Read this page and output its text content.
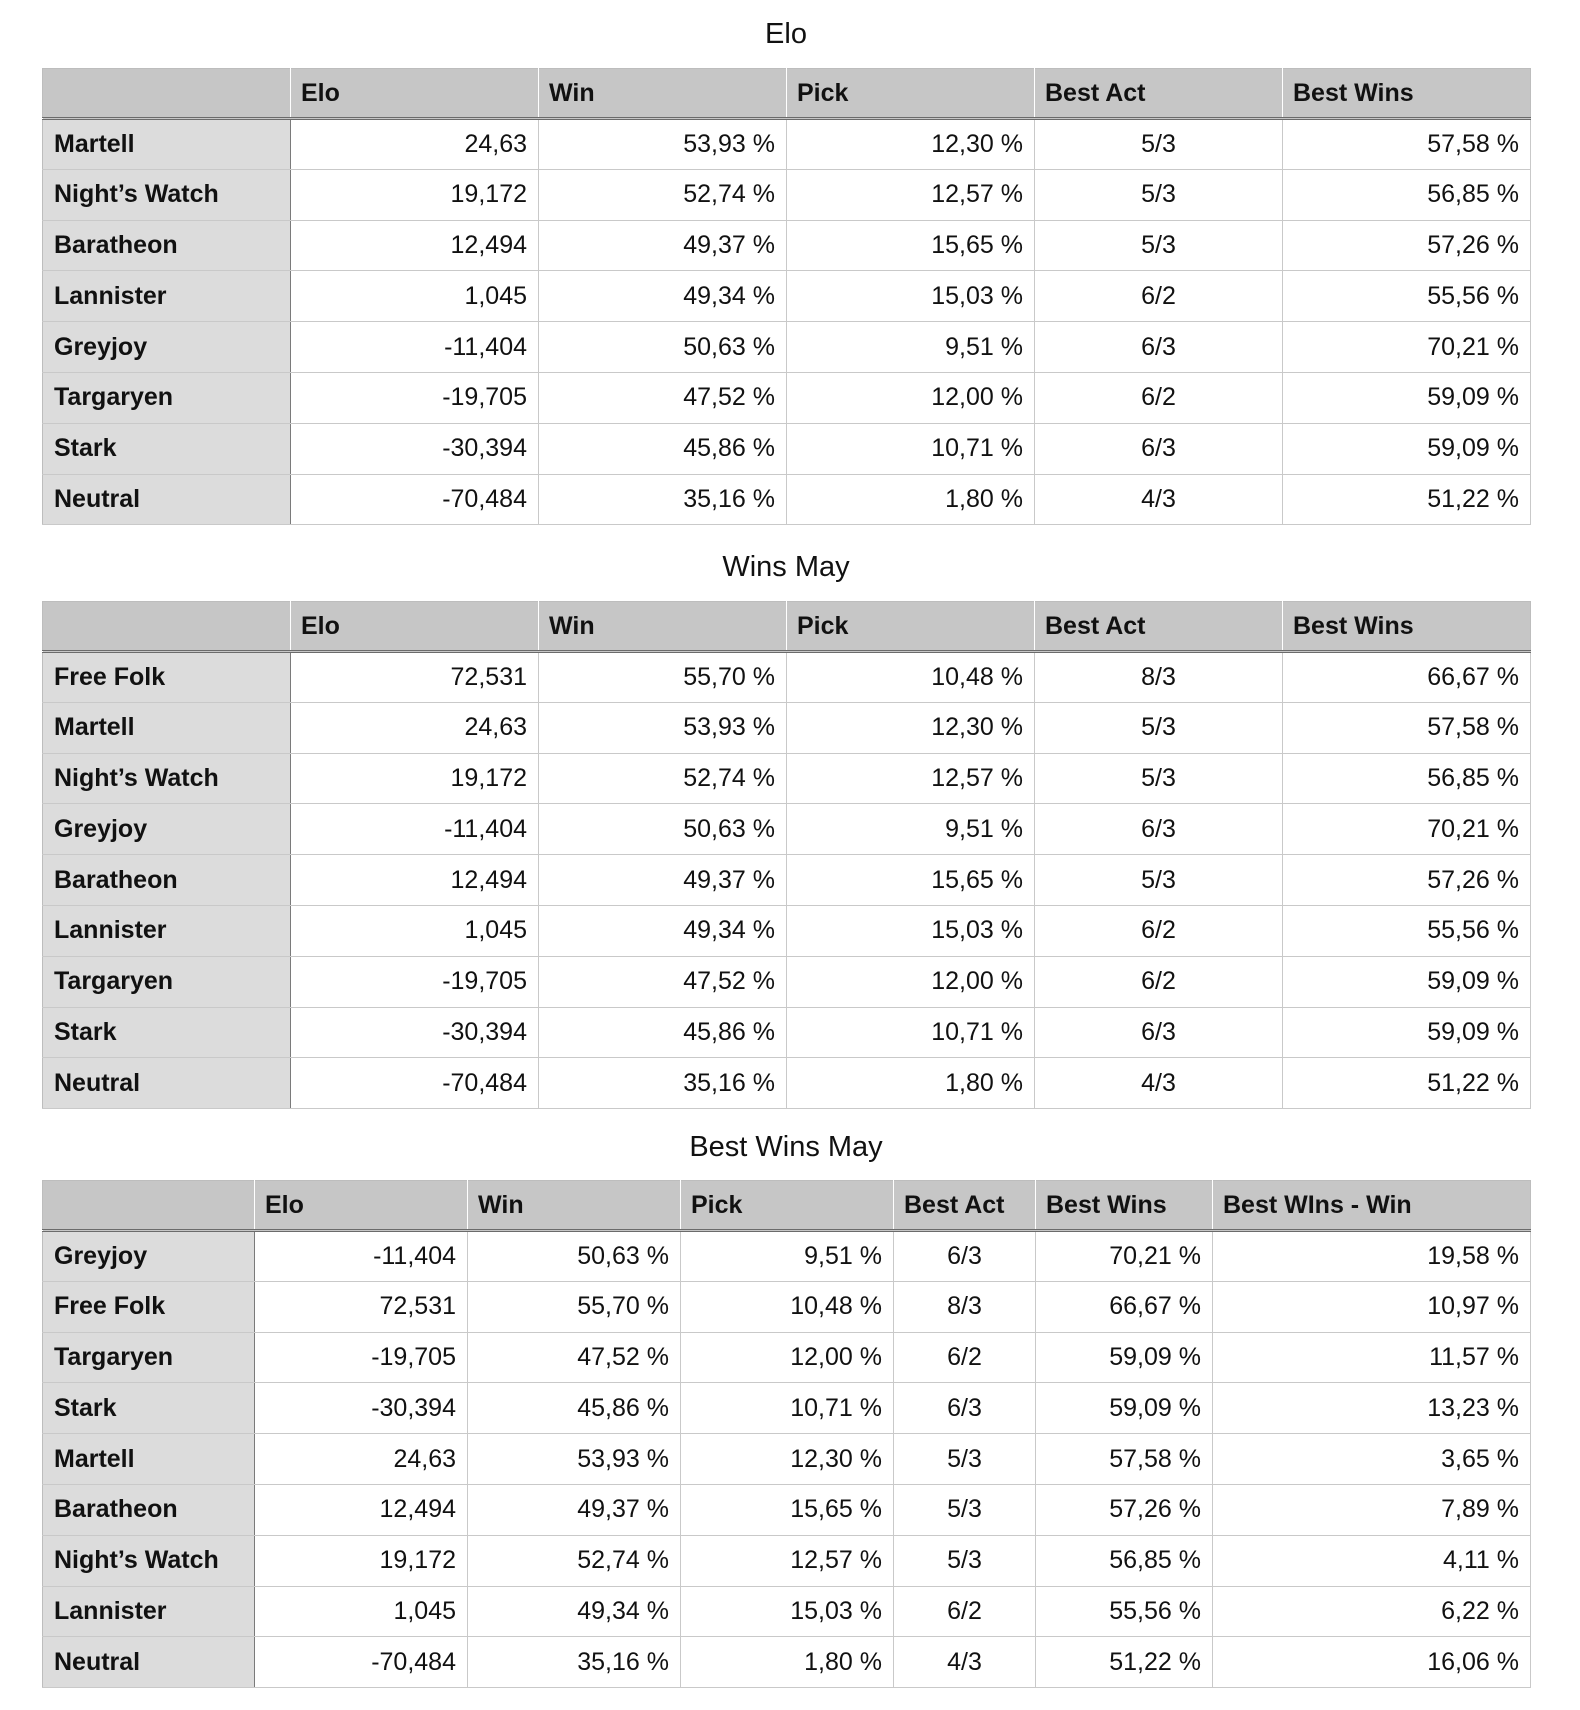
Elo
	Elo	Win	Pick	Best Act	Best Wins
Martell	24,63	53,93 %	12,30 %	5/3	57,58 %
Night’s Watch	19,172	52,74 %	12,57 %	5/3	56,85 %
Baratheon	12,494	49,37 %	15,65 %	5/3	57,26 %
Lannister	1,045	49,34 %	15,03 %	6/2	55,56 %
Greyjoy	-11,404	50,63 %	9,51 %	6/3	70,21 %
Targaryen	-19,705	47,52 %	12,00 %	6/2	59,09 %
Stark	-30,394	45,86 %	10,71 %	6/3	59,09 %
Neutral	-70,484	35,16 %	1,80 %	4/3	51,22 %
Wins May
	Elo	Win	Pick	Best Act	Best Wins
Free Folk	72,531	55,70 %	10,48 %	8/3	66,67 %
Martell	24,63	53,93 %	12,30 %	5/3	57,58 %
Night’s Watch	19,172	52,74 %	12,57 %	5/3	56,85 %
Greyjoy	-11,404	50,63 %	9,51 %	6/3	70,21 %
Baratheon	12,494	49,37 %	15,65 %	5/3	57,26 %
Lannister	1,045	49,34 %	15,03 %	6/2	55,56 %
Targaryen	-19,705	47,52 %	12,00 %	6/2	59,09 %
Stark	-30,394	45,86 %	10,71 %	6/3	59,09 %
Neutral	-70,484	35,16 %	1,80 %	4/3	51,22 %
Best Wins May
	Elo	Win	Pick	Best Act	Best Wins	Best WIns - Win
Greyjoy	-11,404	50,63 %	9,51 %	6/3	70,21 %	19,58 %
Free Folk	72,531	55,70 %	10,48 %	8/3	66,67 %	10,97 %
Targaryen	-19,705	47,52 %	12,00 %	6/2	59,09 %	11,57 %
Stark	-30,394	45,86 %	10,71 %	6/3	59,09 %	13,23 %
Martell	24,63	53,93 %	12,30 %	5/3	57,58 %	3,65 %
Baratheon	12,494	49,37 %	15,65 %	5/3	57,26 %	7,89 %
Night’s Watch	19,172	52,74 %	12,57 %	5/3	56,85 %	4,11 %
Lannister	1,045	49,34 %	15,03 %	6/2	55,56 %	6,22 %
Neutral	-70,484	35,16 %	1,80 %	4/3	51,22 %	16,06 %
